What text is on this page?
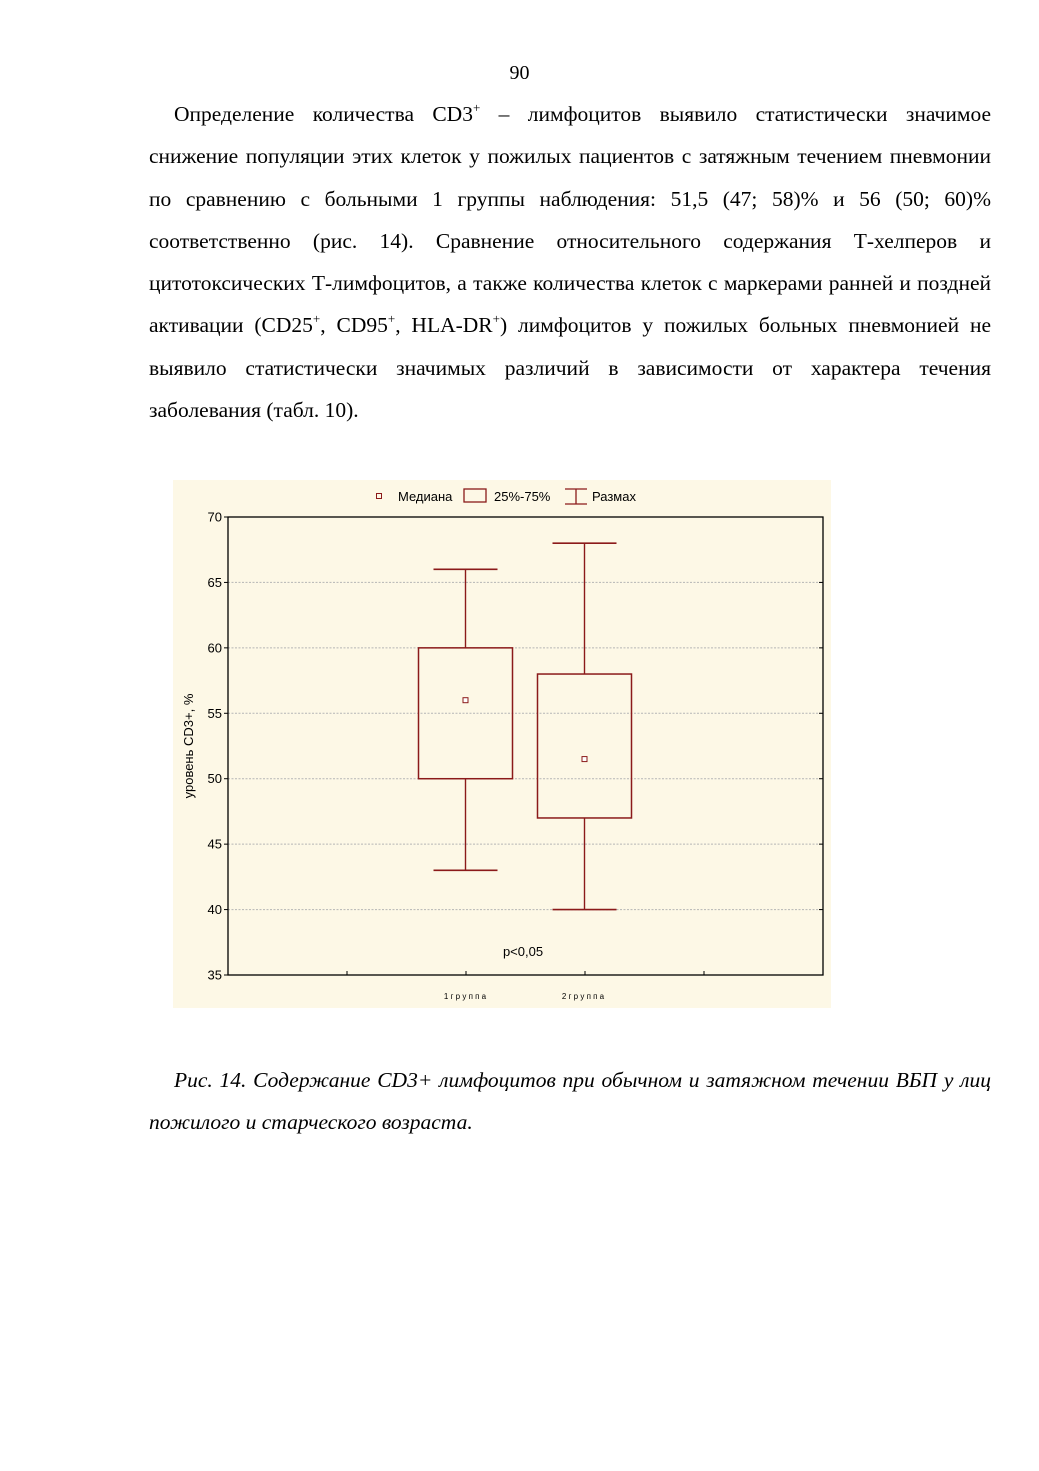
90

Определение количества CD3+ – лимфоцитов выявило статистически значимое снижение популяции этих клеток у пожилых пациентов с затяжным течением пневмонии по сравнению с больными 1 группы наблюдения: 51,5 (47; 58)% и 56 (50; 60)% соответственно (рис. 14). Сравнение относительного содержания Т-хелперов и цитотоксических Т-лимфоцитов, а также количества клеток с маркерами ранней и поздней активации (CD25+, CD95+, HLA-DR+) лимфоцитов у пожилых больных пневмонией не выявило статистически значимых различий в зависимости от характера течения заболевания (табл. 10).

35
40
45
50
55
60
65
70
Медиана	25%-75%	Размах
уровень CD3+, %
p<0,05
1 г р у п п а	2 г р у п п а

Рис. 14. Содержание CD3+ лимфоцитов при обычном и затяжном течении ВБП у лиц пожилого и старческого возраста.
